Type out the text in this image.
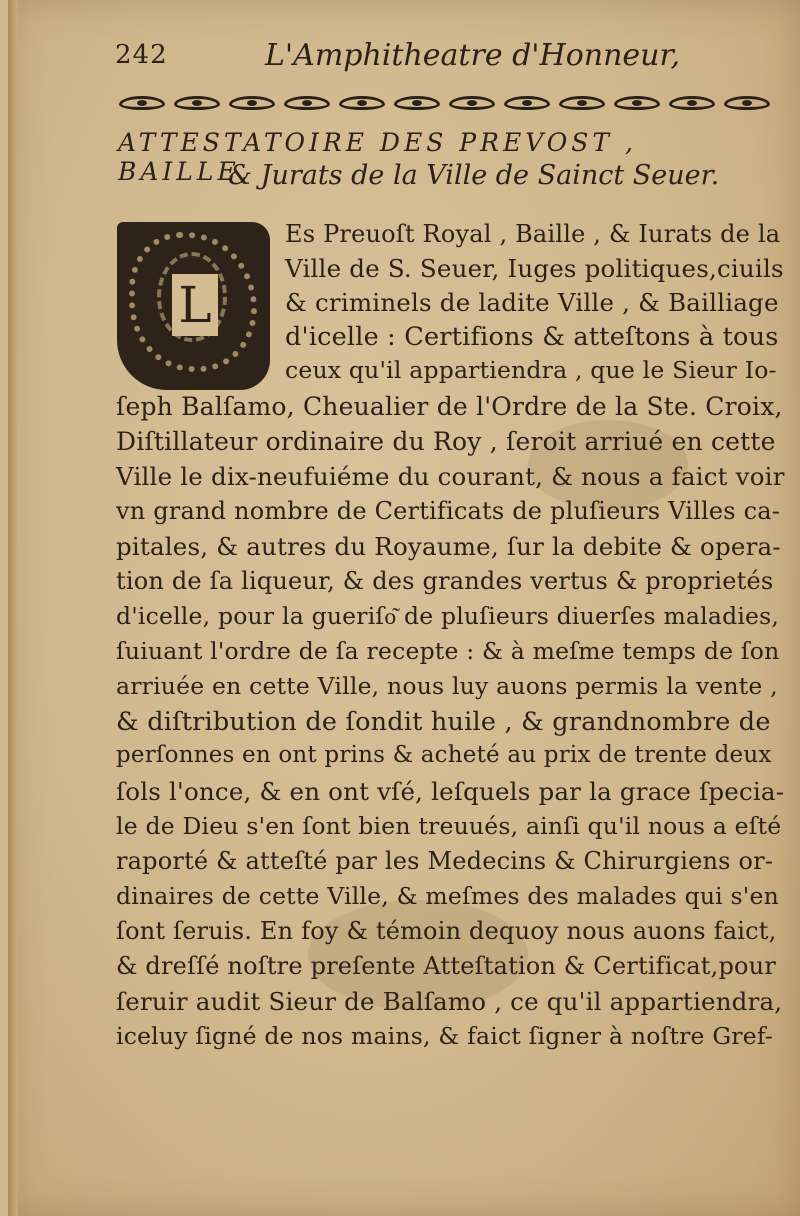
242	L'Amphitheatre d'Honneur,
ATTESTATOIRE DES PREVOST , BAILLE,
& Jurats de la Ville de Sainct Seuer.
L
Es Preuoſt Royal , Baille , & Iurats de la
Ville de S. Seuer, Iuges politiques,ciuils
& criminels de ladite Ville , & Bailliage
d'icelle : Certifions & atteſtons à tous
ceux qu'il appartiendra , que le Sieur Io-
ſeph Balſamo, Cheualier de l'Ordre de la Ste. Croix,
Diſtillateur ordinaire du Roy , ſeroit arriué en cette
Ville le dix-neufuiéme du courant, & nous a faict voir
vn grand nombre de Certificats de pluſieurs Villes ca-
pitales, & autres du Royaume, ſur la debite & opera-
tion de ſa liqueur, & des grandes vertus & proprietés
d'icelle, pour la gueriſo͂ de pluſieurs diuerſes maladies,
ſuiuant l'ordre de ſa recepte : & à meſme temps de ſon
arriuée en cette Ville, nous luy auons permis la vente ,
& diſtribution de ſondit huile , & grandnombre de
perſonnes en ont prins & acheté au prix de trente deux
ſols l'once, & en ont vſé, leſquels par la grace ſpecia-
le de Dieu s'en ſont bien treuués, ainſi qu'il nous a eſté
raporté & atteſté par les Medecins & Chirurgiens or-
dinaires de cette Ville, & meſmes des malades qui s'en
ſont ſeruis. En foy & témoin dequoy nous auons faict,
& dreſſé noſtre preſente Atteſtation & Certificat,pour
ſeruir audit Sieur de Balſamo , ce qu'il appartiendra,
iceluy ſigné de nos mains, & faict ſigner à noſtre Gref-
